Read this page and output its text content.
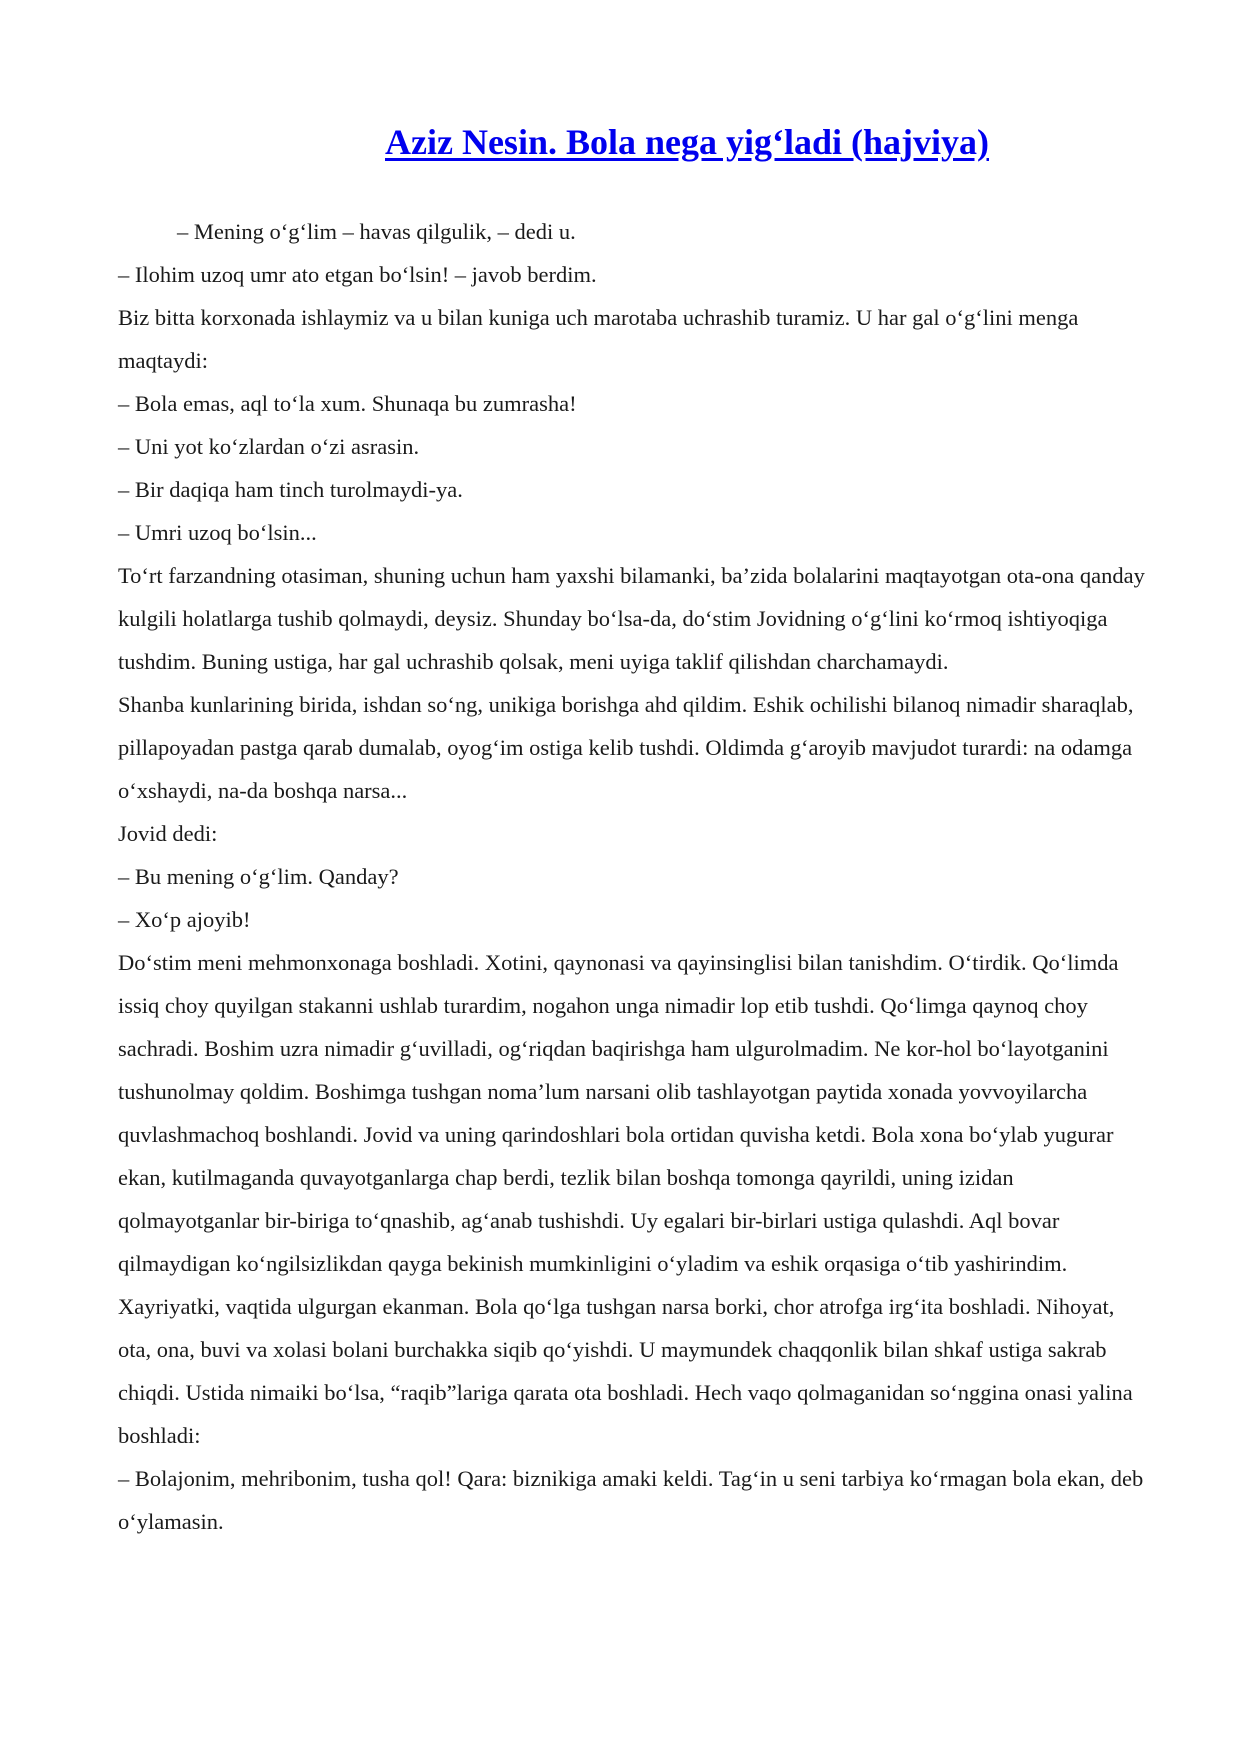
Aziz Nesin. Bola nega yig‘ladi (hajviya)

– Mening o‘g‘lim – havas qilgulik, – dedi u.

– Ilohim uzoq umr ato etgan bo‘lsin! – javob berdim.

Biz bitta korxonada ishlaymiz va u bilan kuniga uch marotaba uchrashib turamiz. U har gal o‘g‘lini menga maqtaydi:

– Bola emas, aql to‘la xum. Shunaqa bu zumrasha!

– Uni yot ko‘zlardan o‘zi asrasin.

– Bir daqiqa ham tinch turolmaydi-ya.

– Umri uzoq bo‘lsin...

To‘rt farzandning otasiman, shuning uchun ham yaxshi bilamanki, ba’zida bolalarini maqtayotgan ota-ona qanday kulgili holatlarga tushib qolmaydi, deysiz. Shunday bo‘lsa-da, do‘stim Jovidning o‘g‘lini ko‘rmoq ishtiyoqiga tushdim. Buning ustiga, har gal uchrashib qolsak, meni uyiga taklif qilishdan charchamaydi.

Shanba kunlarining birida, ishdan so‘ng, unikiga borishga ahd qildim. Eshik ochilishi bilanoq nimadir sharaqlab, pillapoyadan pastga qarab dumalab, oyog‘im ostiga kelib tushdi. Oldimda g‘aroyib mavjudot turardi: na odamga o‘xshaydi, na-da boshqa narsa...

Jovid dedi:

– Bu mening o‘g‘lim. Qanday?

– Xo‘p ajoyib!

Do‘stim meni mehmonxonaga boshladi. Xotini, qaynonasi va qayinsinglisi bilan tanishdim. O‘tirdik. Qo‘limda issiq choy quyilgan stakanni ushlab turardim, nogahon unga nimadir lop etib tushdi. Qo‘limga qaynoq choy sachradi. Boshim uzra nimadir g‘uvilladi, og‘riqdan baqirishga ham ulgurolmadim. Ne kor-hol bo‘layotganini tushunolmay qoldim. Boshimga tushgan noma’lum narsani olib tashlayotgan paytida xonada yovvoyilarcha quvlashmachoq boshlandi. Jovid va uning qarindoshlari bola ortidan quvisha ketdi. Bola xona bo‘ylab yugurar ekan, kutilmaganda quvayotganlarga chap berdi, tezlik bilan boshqa tomonga qayrildi, uning izidan qolmayotganlar bir-biriga to‘qnashib, ag‘anab tushishdi. Uy egalari bir-birlari ustiga qulashdi. Aql bovar qilmaydigan ko‘ngilsizlikdan qayga bekinish mumkinligini o‘yladim va eshik orqasiga o‘tib yashirindim. Xayriyatki, vaqtida ulgurgan ekanman. Bola qo‘lga tushgan narsa borki, chor atrofga irg‘ita boshladi. Nihoyat, ota, ona, buvi va xolasi bolani burchakka siqib qo‘yishdi. U maymundek chaqqonlik bilan shkaf ustiga sakrab chiqdi. Ustida nimaiki bo‘lsa, “raqib”lariga qarata ota boshladi. Hech vaqo qolmaganidan so‘nggina onasi yalina boshladi:

– Bolajonim, mehribonim, tusha qol! Qara: biznikiga amaki keldi. Tag‘in u seni tarbiya ko‘rmagan bola ekan, deb o‘ylamasin.
